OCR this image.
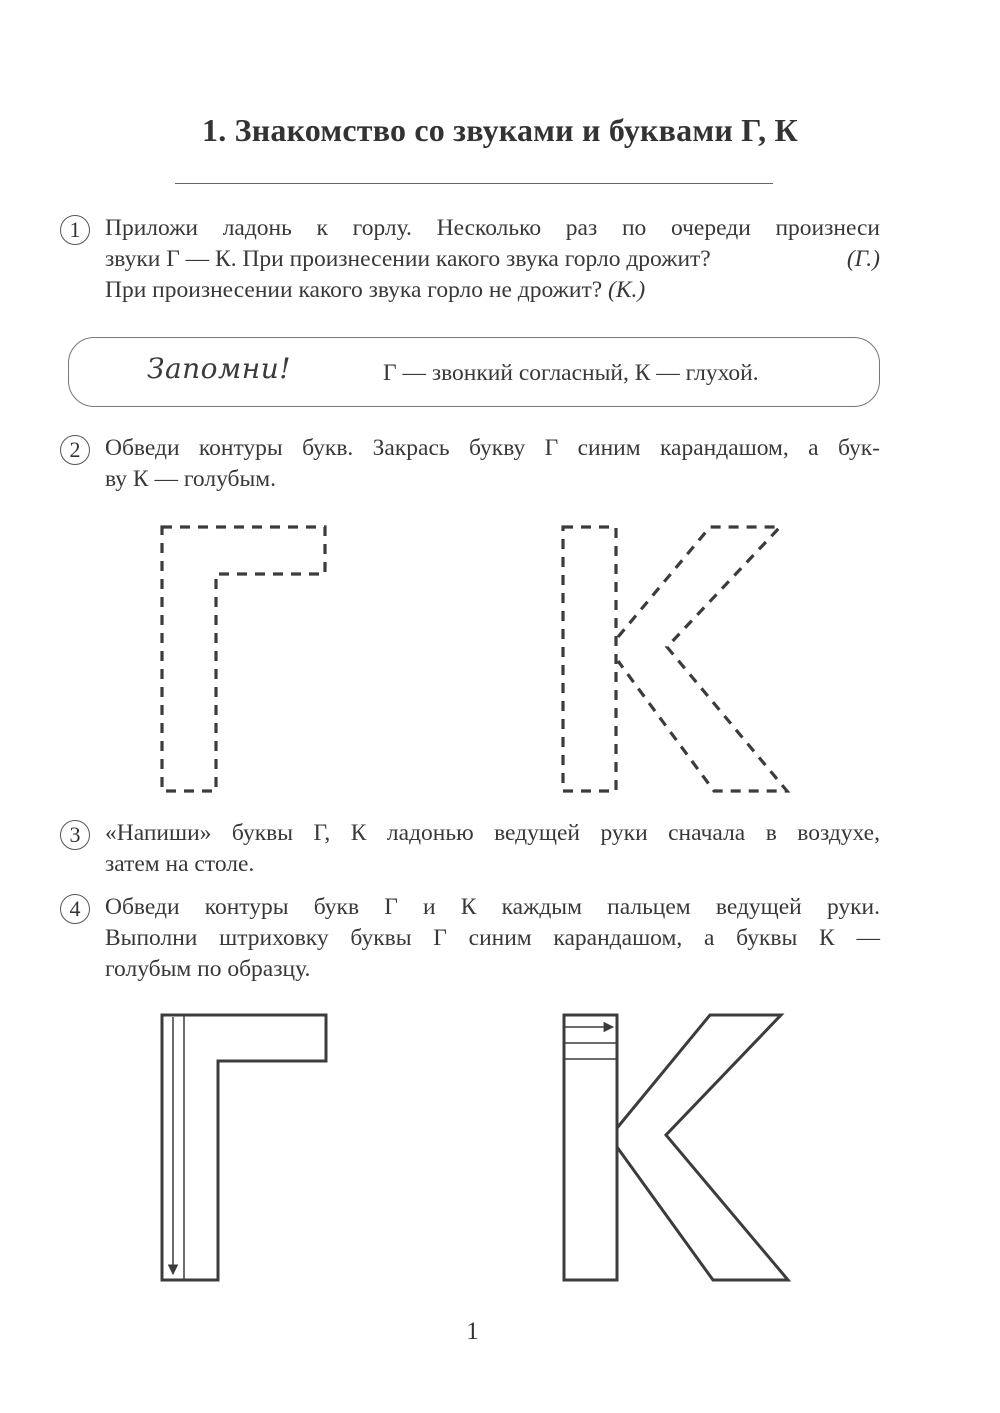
1. Знакомство со звуками и буквами Г, К
1	Приложи ладонь к горлу. Несколько раз по очереди произнеси
звуки Г — К. При произнесении какого звука горло дрожит?	(Г.)
При произнесении какого звука горло не дрожит? (К.)
Запомни!	Г — звонкий согласный, К — глухой.
2	Обведи контуры букв. Закрась букву Г синим карандашом, а бук-
ву К — голубым.
3	«Напиши» буквы Г, К ладонью ведущей руки сначала в воздухе,
затем на столе.
4	Обведи контуры букв Г и К каждым пальцем ведущей руки.
Выполни штриховку буквы Г синим карандашом, а буквы К —
голубым по образцу.
1
